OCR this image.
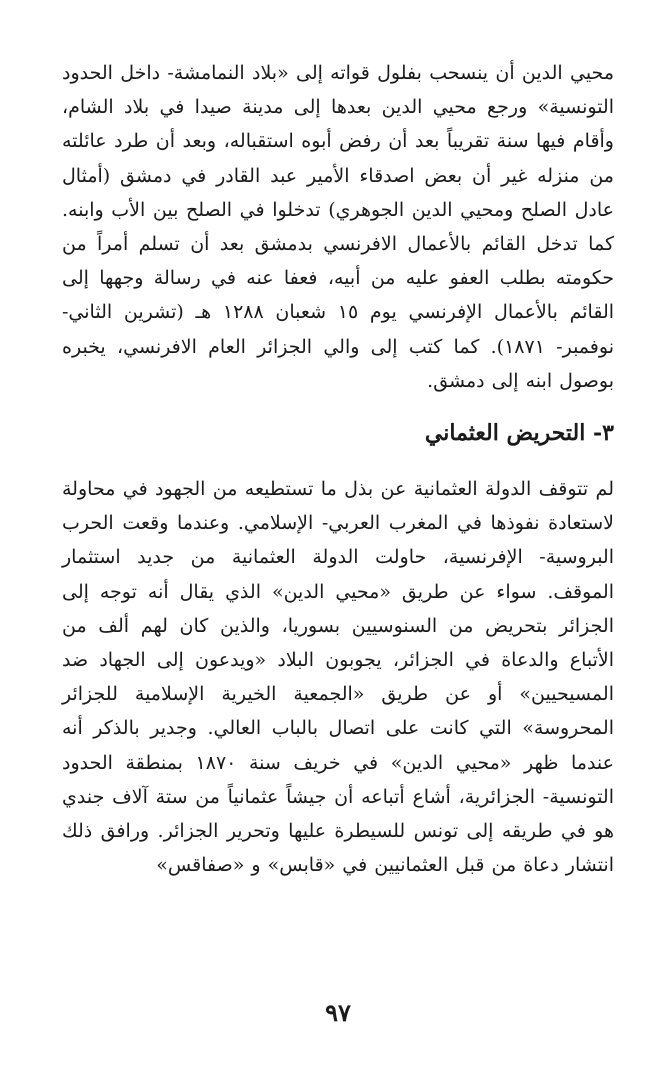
محيي الدين أن ينسحب بفلول قواته إلى «بلاد النمامشة- داخل الحدود التونسية» ورجع محيي الدين بعدها إلى مدينة صيدا في بلاد الشام، وأقام فيها سنة تقريباً بعد أن رفض أبوه استقباله، وبعد أن طرد عائلته من منزله غير أن بعض اصدقاء الأمير عبد القادر في دمشق (أمثال عادل الصلح ومحيي الدين الجوهري) تدخلوا في الصلح بين الأب وابنه. كما تدخل القائم بالأعمال الافرنسي بدمشق بعد أن تسلم أمراً من حكومته بطلب العفو عليه من أبيه، فعفا عنه في رسالة وجهها إلى القائم بالأعمال الإفرنسي يوم ١٥ شعبان ١٢٨٨ هـ (تشرين الثاني- نوفمبر- ١٨٧١). كما كتب إلى والي الجزائر العام الافرنسي، يخبره بوصول ابنه إلى دمشق.

٣- التحريض العثماني

لم تتوقف الدولة العثمانية عن بذل ما تستطيعه من الجهود في محاولة لاستعادة نفوذها في المغرب العربي- الإسلامي. وعندما وقعت الحرب البروسية- الإفرنسية، حاولت الدولة العثمانية من جديد استثمار الموقف. سواء عن طريق «محيي الدين» الذي يقال أنه توجه إلى الجزائر بتحريض من السنوسيين بسوريا، والذين كان لهم ألف من الأتباع والدعاة في الجزائر، يجوبون البلاد «ويدعون إلى الجهاد ضد المسيحيين» أو عن طريق «الجمعية الخيرية الإسلامية للجزائر المحروسة» التي كانت على اتصال بالباب العالي. وجدير بالذكر أنه عندما ظهر «محيي الدين» في خريف سنة ١٨٧٠ بمنطقة الحدود التونسية- الجزائرية، أشاع أتباعه أن جيشاً عثمانياً من ستة آلاف جندي هو في طريقه إلى تونس للسيطرة عليها وتحرير الجزائر. ورافق ذلك انتشار دعاة من قبل العثمانيين في «قابس» و «صفاقس»

٩٧
